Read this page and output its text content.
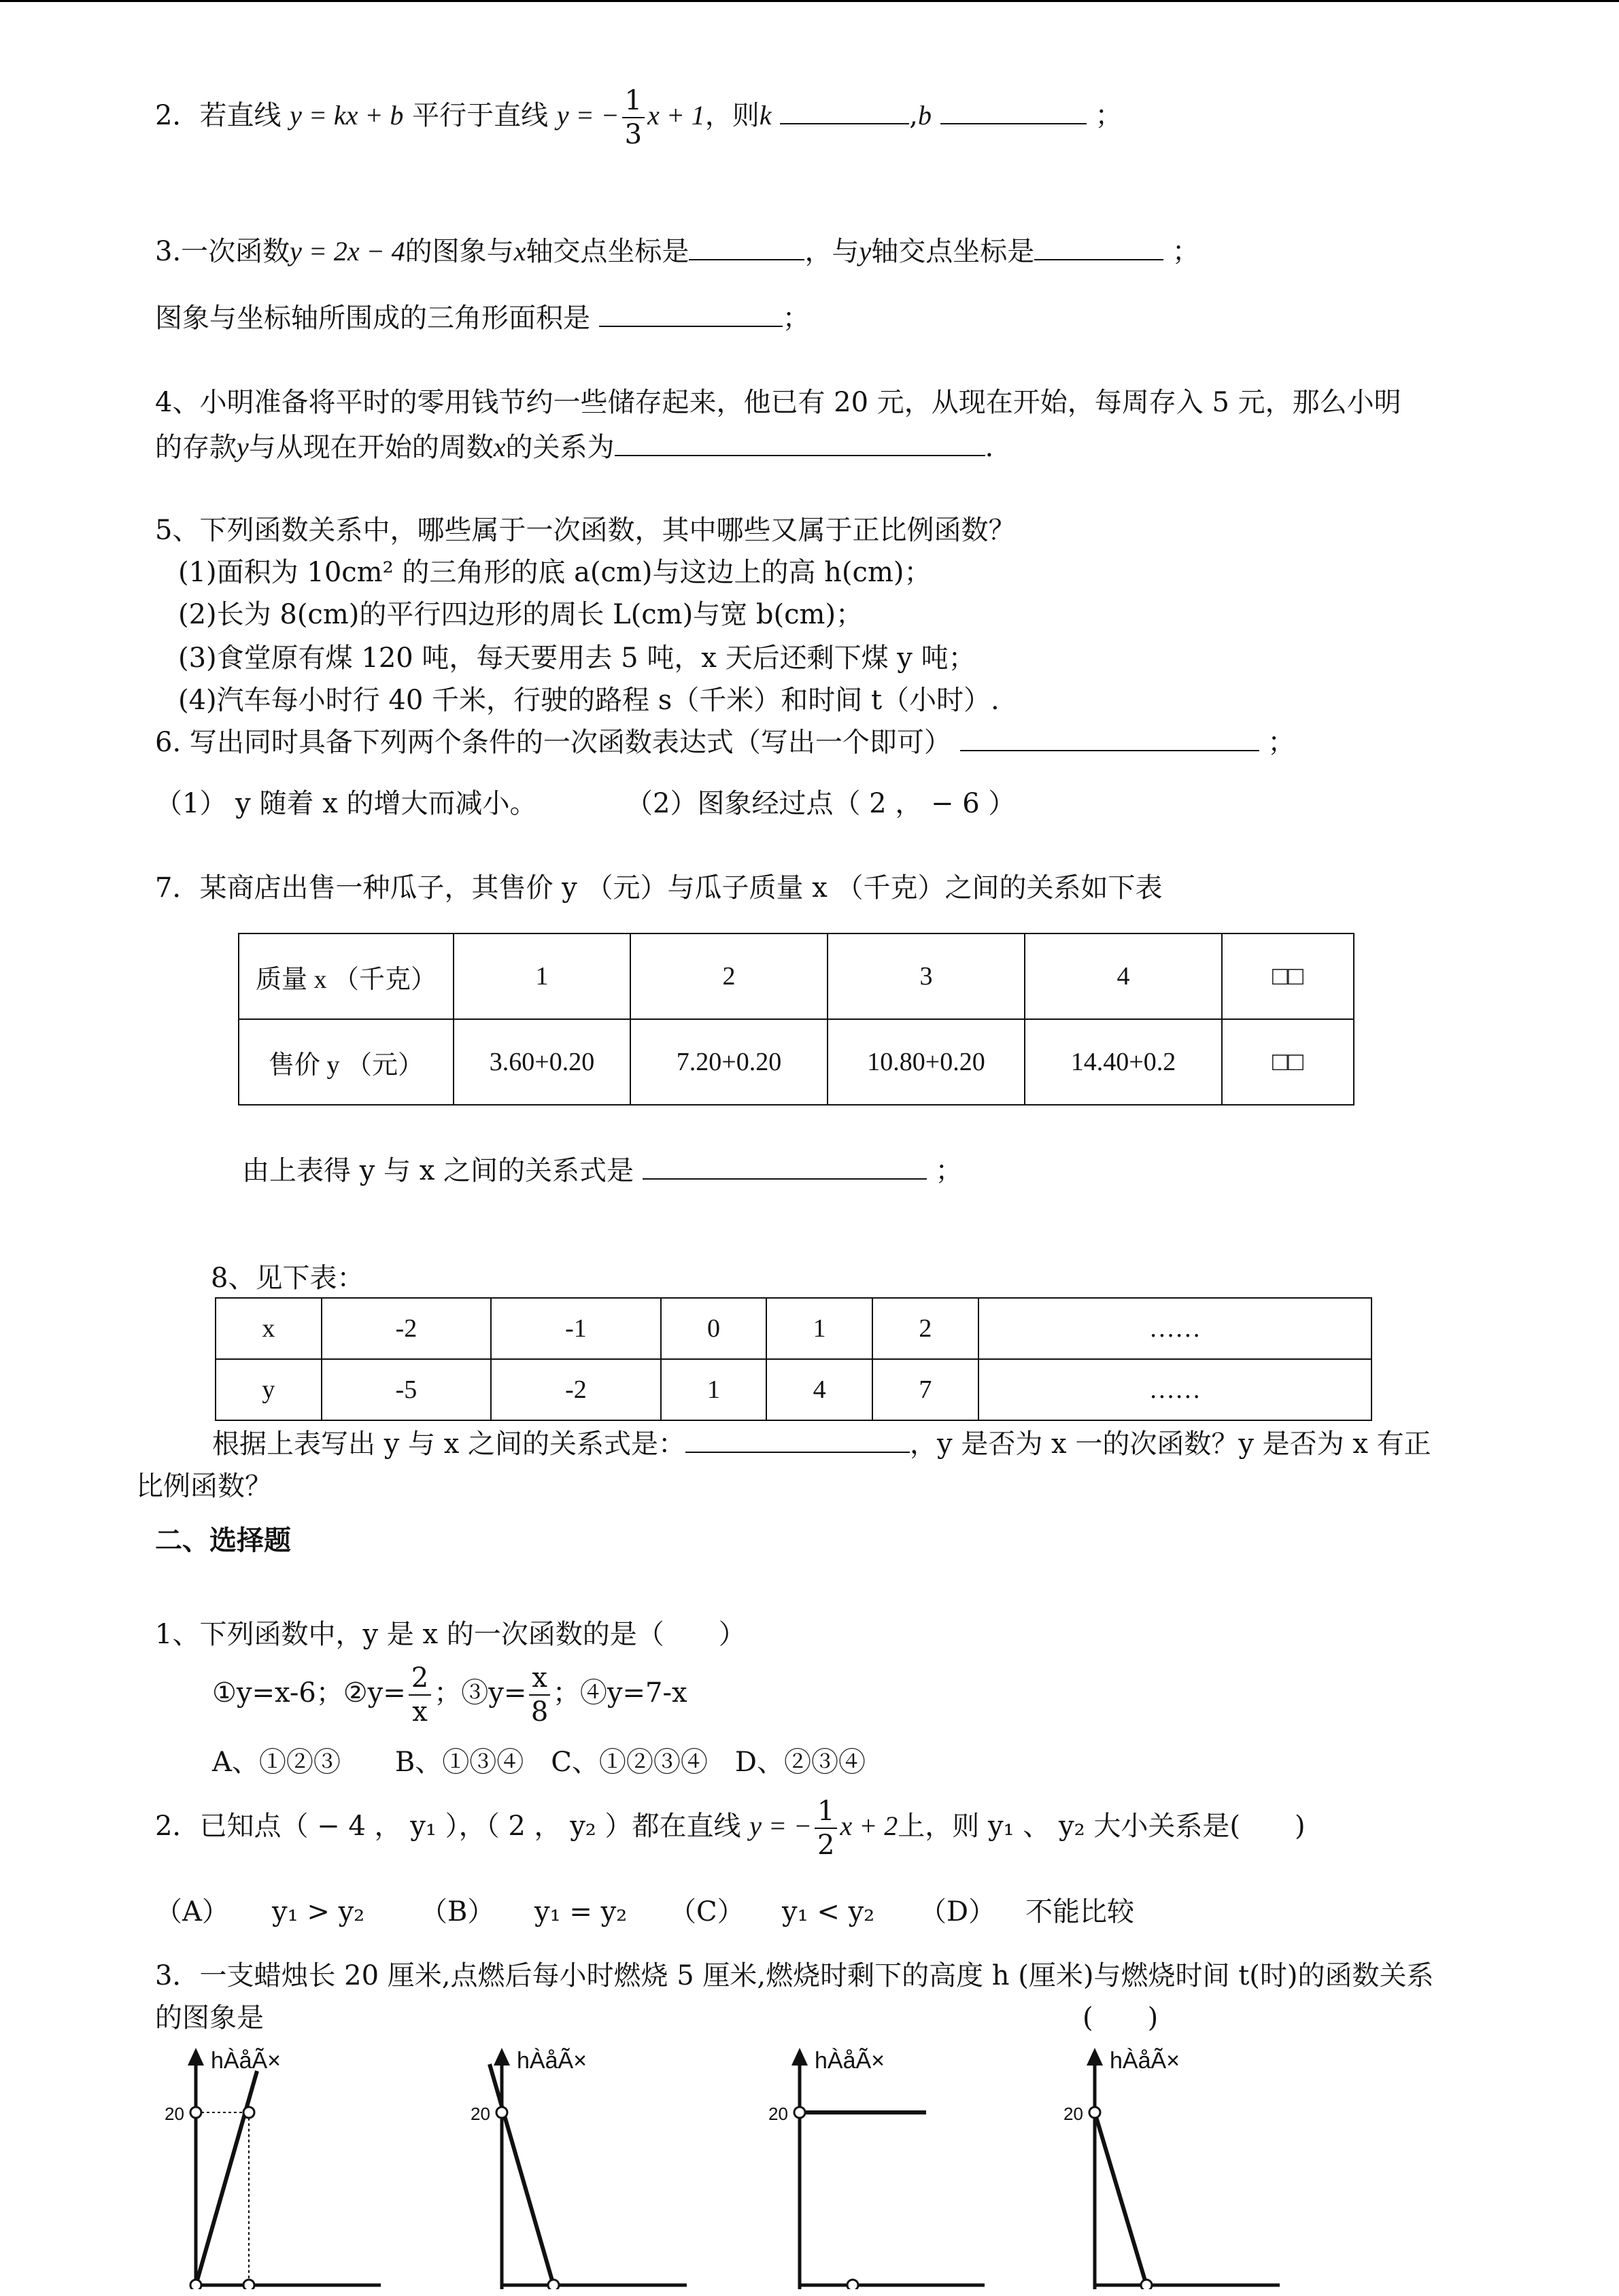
2．若直线 y = kx + b 平行于直线 y = − $\frac{1}{3}$ x + 1，则k	,b	；
3.一次函数y = 2x − 4的图象与x轴交点坐标是	，与y轴交点坐标是	；
图象与坐标轴所围成的三角形面积是	；
4、小明准备将平时的零用钱节约一些储存起来，他已有 20 元，从现在开始，每周存入 5 元，那么小明
的存款y与从现在开始的周数x的关系为	.
5、下列函数关系中，哪些属于一次函数，其中哪些又属于正比例函数？
(1)面积为 10cm² 的三角形的底 a(cm)与这边上的高 h(cm)；
(2)长为 8(cm)的平行四边形的周长 L(cm)与宽 b(cm)；
(3)食堂原有煤 120 吨，每天要用去 5 吨，x 天后还剩下煤 y 吨；
(4)汽车每小时行 40 千米，行驶的路程 s（千米）和时间 t（小时）.
6. 写出同时具备下列两个条件的一次函数表达式（写出一个即可）	；
（1） y 随着 x 的增大而减小。	（2）图象经过点（ 2 ， − 6 ）
7．某商店出售一种瓜子，其售价 y （元）与瓜子质量 x （千克）之间的关系如下表
质量 x （千克）	1	2	3	4	□□
售价 y （元）	3.60+0.20	7.20+0.20	10.80+0.20	14.40+0.2	□□
由上表得 y 与 x 之间的关系式是	；
8、见下表：
x	-2	-1	0	1	2	……
y	-5	-2	1	4	7	……
根据上表写出 y 与 x 之间的关系式是：	，y 是否为 x 一的次函数？y 是否为 x 有正
比例函数？
二、选择题
1、下列函数中，y 是 x 的一次函数的是（　　）
①y=x-6；②y= $\frac{2}{x}$ ；③y= $\frac{x}{8}$ ；④y=7-x
A、①②③　　B、①③④　C、①②③④　D、②③④
2．已知点（ − 4 ， y₁ ），（ 2 ， y₂ ）都在直线 y = − $\frac{1}{2}$ x + 2上，则 y₁ 、 y₂ 大小关系是(　　)
（A） y₁ > y₂ （B） y₁ = y₂ （C） y₁ < y₂ （D） 不能比较
3．一支蜡烛长 20 厘米,点燃后每小时燃烧 5 厘米,燃烧时剩下的高度 h (厘米)与燃烧时间 t(时)的函数关系
的图象是	(　　)
20
hÀåÃ×
20
hÀåÃ×
20
hÀåÃ×
20
hÀåÃ×
